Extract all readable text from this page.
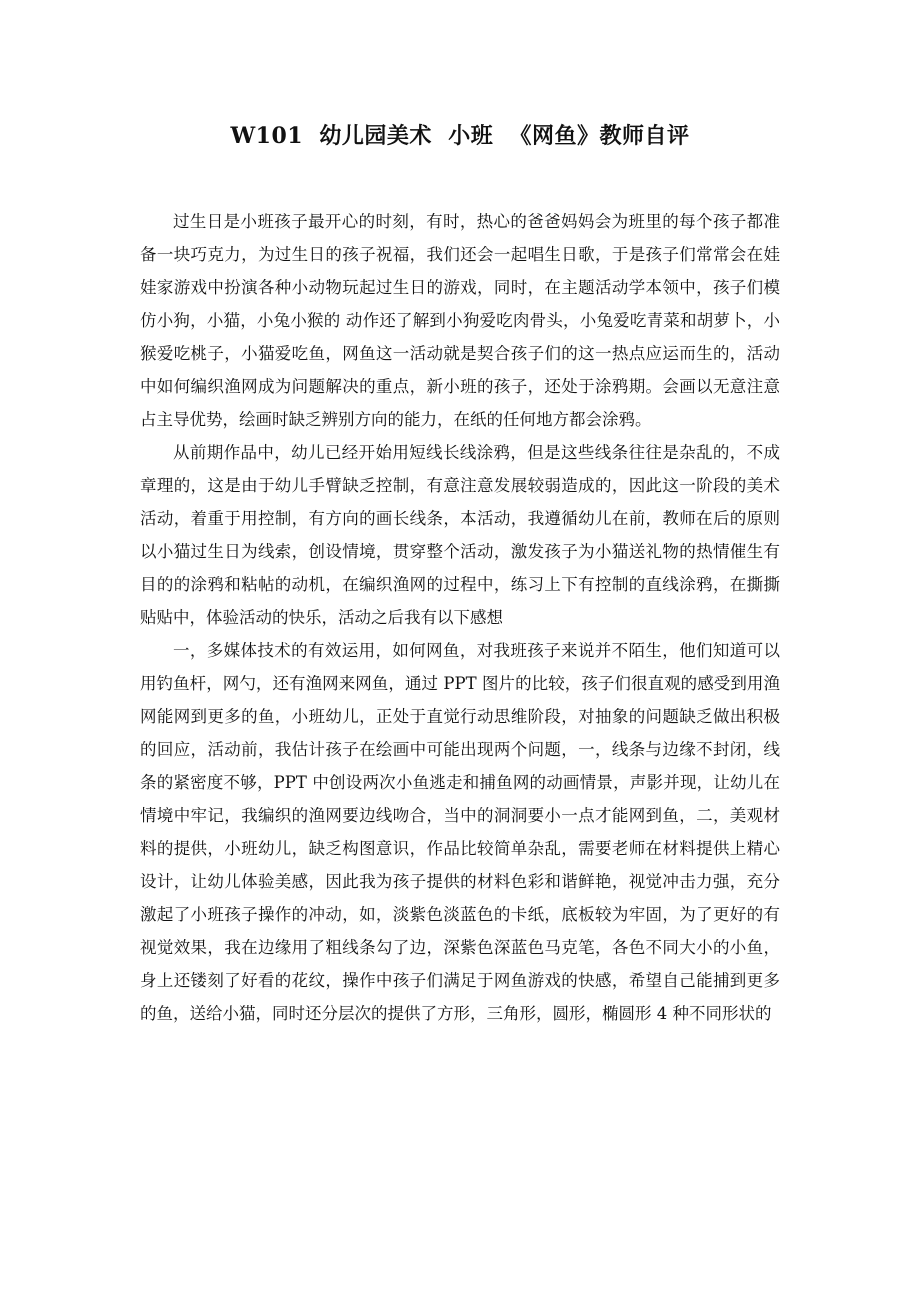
W101  幼儿园美术  小班  《网鱼》教师自评

过生日是小班孩子最开心的时刻，有时，热心的爸爸妈妈会为班里的每个孩子都准备一块巧克力，为过生日的孩子祝福，我们还会一起唱生日歌，于是孩子们常常会在娃娃家游戏中扮演各种小动物玩起过生日的游戏，同时，在主题活动学本领中，孩子们模仿小狗，小猫，小兔小猴的 动作还了解到小狗爱吃肉骨头，小兔爱吃青菜和胡萝卜，小猴爱吃桃子，小猫爱吃鱼，网鱼这一活动就是契合孩子们的这一热点应运而生的，活动中如何编织渔网成为问题解决的重点，新小班的孩子，还处于涂鸦期。会画以无意注意占主导优势，绘画时缺乏辨别方向的能力，在纸的任何地方都会涂鸦。

从前期作品中，幼儿已经开始用短线长线涂鸦，但是这些线条往往是杂乱的，不成章理的，这是由于幼儿手臂缺乏控制，有意注意发展较弱造成的，因此这一阶段的美术活动，着重于用控制，有方向的画长线条，本活动，我遵循幼儿在前，教师在后的原则以小猫过生日为线索，创设情境，贯穿整个活动，激发孩子为小猫送礼物的热情催生有目的的涂鸦和粘帖的动机，在编织渔网的过程中，练习上下有控制的直线涂鸦，在撕撕贴贴中，体验活动的快乐，活动之后我有以下感想

一，多媒体技术的有效运用，如何网鱼，对我班孩子来说并不陌生，他们知道可以用钓鱼杆，网勺，还有渔网来网鱼，通过 PPT 图片的比较，孩子们很直观的感受到用渔网能网到更多的鱼，小班幼儿，正处于直觉行动思维阶段，对抽象的问题缺乏做出积极的回应，活动前，我估计孩子在绘画中可能出现两个问题，一，线条与边缘不封闭，线条的紧密度不够，PPT 中创设两次小鱼逃走和捕鱼网的动画情景，声影并现，让幼儿在情境中牢记，我编织的渔网要边线吻合，当中的洞洞要小一点才能网到鱼，二，美观材料的提供，小班幼儿，缺乏构图意识，作品比较简单杂乱，需要老师在材料提供上精心设计，让幼儿体验美感，因此我为孩子提供的材料色彩和谐鲜艳，视觉冲击力强，充分激起了小班孩子操作的冲动，如，淡紫色淡蓝色的卡纸，底板较为牢固，为了更好的有视觉效果，我在边缘用了粗线条勾了边，深紫色深蓝色马克笔，各色不同大小的小鱼，身上还镂刻了好看的花纹，操作中孩子们满足于网鱼游戏的快感，希望自己能捕到更多的鱼，送给小猫，同时还分层次的提供了方形，三角形，圆形，椭圆形 4 种不同形状的
